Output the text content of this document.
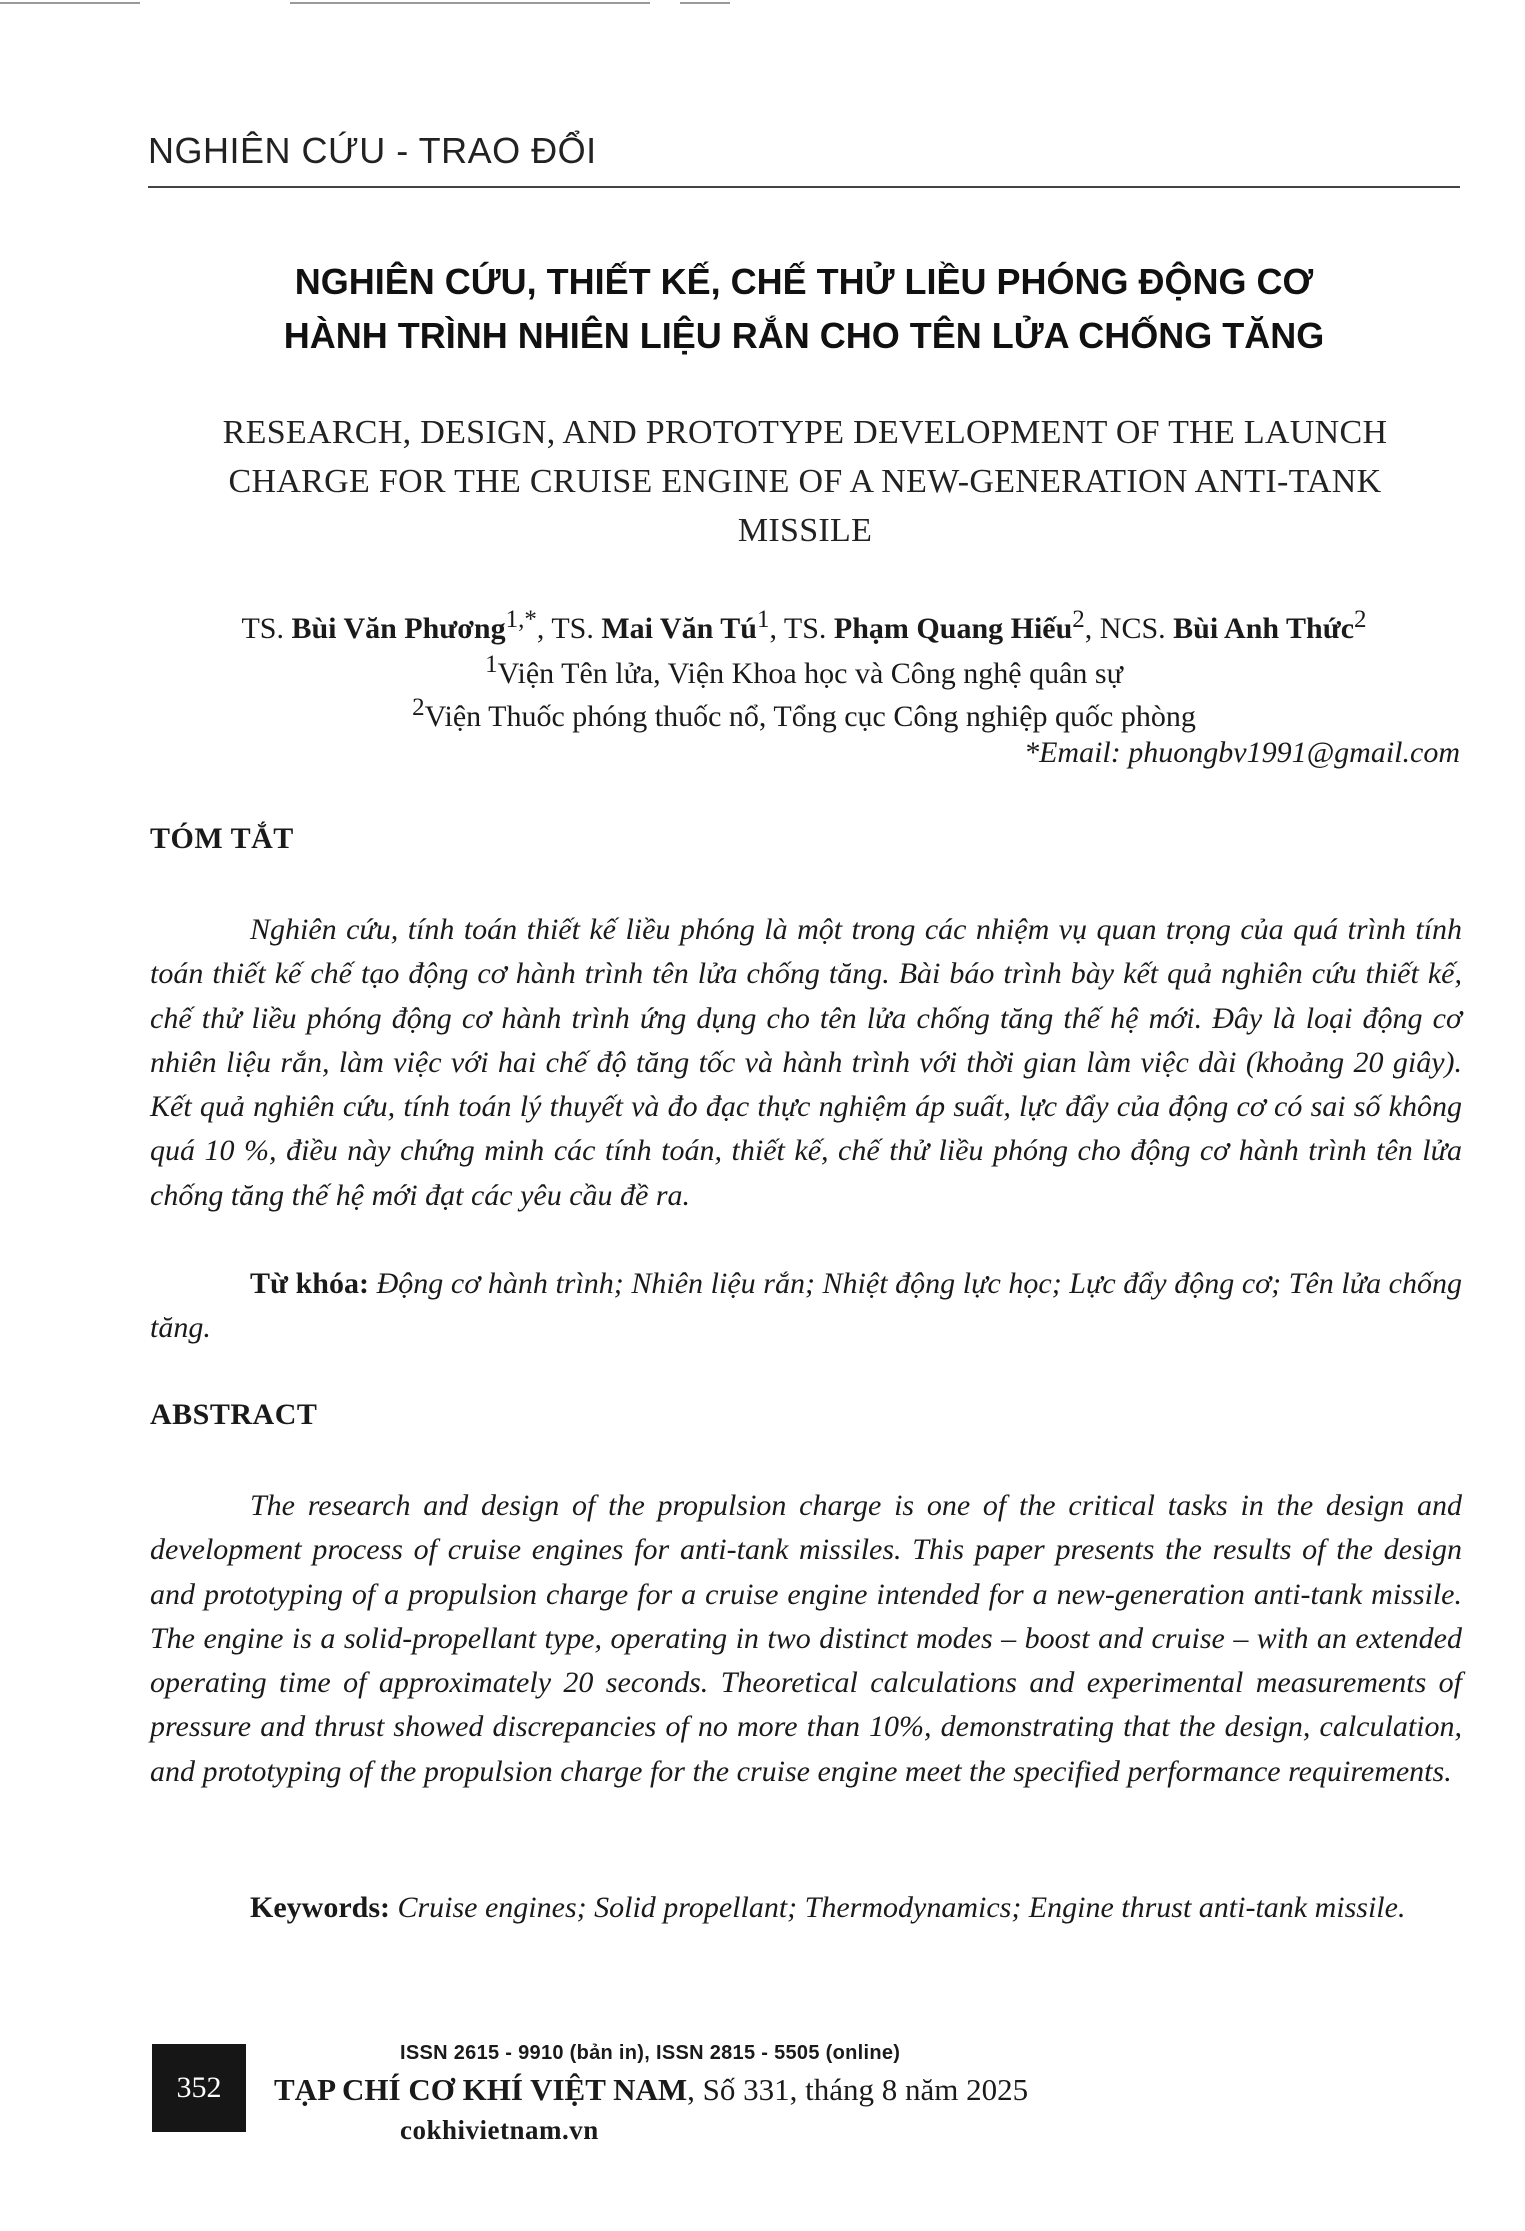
NGHIÊN CỨU - TRAO ĐỔI
NGHIÊN CỨU, THIẾT KẾ, CHẾ THỬ LIỀU PHÓNG ĐỘNG CƠ
HÀNH TRÌNH NHIÊN LIỆU RẮN CHO TÊN LỬA CHỐNG TĂNG
RESEARCH, DESIGN, AND PROTOTYPE DEVELOPMENT OF THE LAUNCH
CHARGE FOR THE CRUISE ENGINE OF A NEW-GENERATION ANTI-TANK
MISSILE
TS. Bùi Văn Phương$^{1,*}$, TS. Mai Văn $Tú^1$, TS. Phạm Quang Hiếu$^2$, NCS. Bùi Anh Thức$^2$
$^1$Viện Tên lửa, Viện Khoa học và Công nghệ quân sự
$^2$Viện Thuốc phóng thuốc nổ, Tổng cục Công nghiệp quốc phòng
*Email: phuongbv1991@gmail.com
TÓM TẮT
Nghiên cứu, tính toán thiết kế liều phóng là một trong các nhiệm vụ quan trọng của quá trình tính toán thiết kế chế tạo động cơ hành trình tên lửa chống tăng. Bài báo trình bày kết quả nghiên cứu thiết kế, chế thử liều phóng động cơ hành trình ứng dụng cho tên lửa chống tăng thế hệ mới. Đây là loại động cơ nhiên liệu rắn, làm việc với hai chế độ tăng tốc và hành trình với thời gian làm việc dài (khoảng 20 giây). Kết quả nghiên cứu, tính toán lý thuyết và đo đạc thực nghiệm áp suất, lực đẩy của động cơ có sai số không quá 10 %, điều này chứng minh các tính toán, thiết kế, chế thử liều phóng cho động cơ hành trình tên lửa chống tăng thế hệ mới đạt các yêu cầu đề ra.
Từ khóa: Động cơ hành trình; Nhiên liệu rắn; Nhiệt động lực học; Lực đẩy động cơ; Tên lửa chống tăng.
ABSTRACT
The research and design of the propulsion charge is one of the critical tasks in the design and development process of cruise engines for anti-tank missiles. This paper presents the results of the design and prototyping of a propulsion charge for a cruise engine intended for a new-generation anti-tank missile. The engine is a solid-propellant type, operating in two distinct modes – boost and cruise – with an extended operating time of approximately 20 seconds. Theoretical calculations and experimental measurements of pressure and thrust showed discrepancies of no more than 10%, demonstrating that the design, calculation, and prototyping of the propulsion charge for the cruise engine meet the specified performance requirements.
Keywords: Cruise engines; Solid propellant; Thermodynamics; Engine thrust anti-tank missile.
352
ISSN 2615 - 9910 (bản in), ISSN 2815 - 5505 (online)
TẠP CHÍ CƠ KHÍ VIỆT NAM, Số 331, tháng 8 năm 2025
cokhivietnam.vn
